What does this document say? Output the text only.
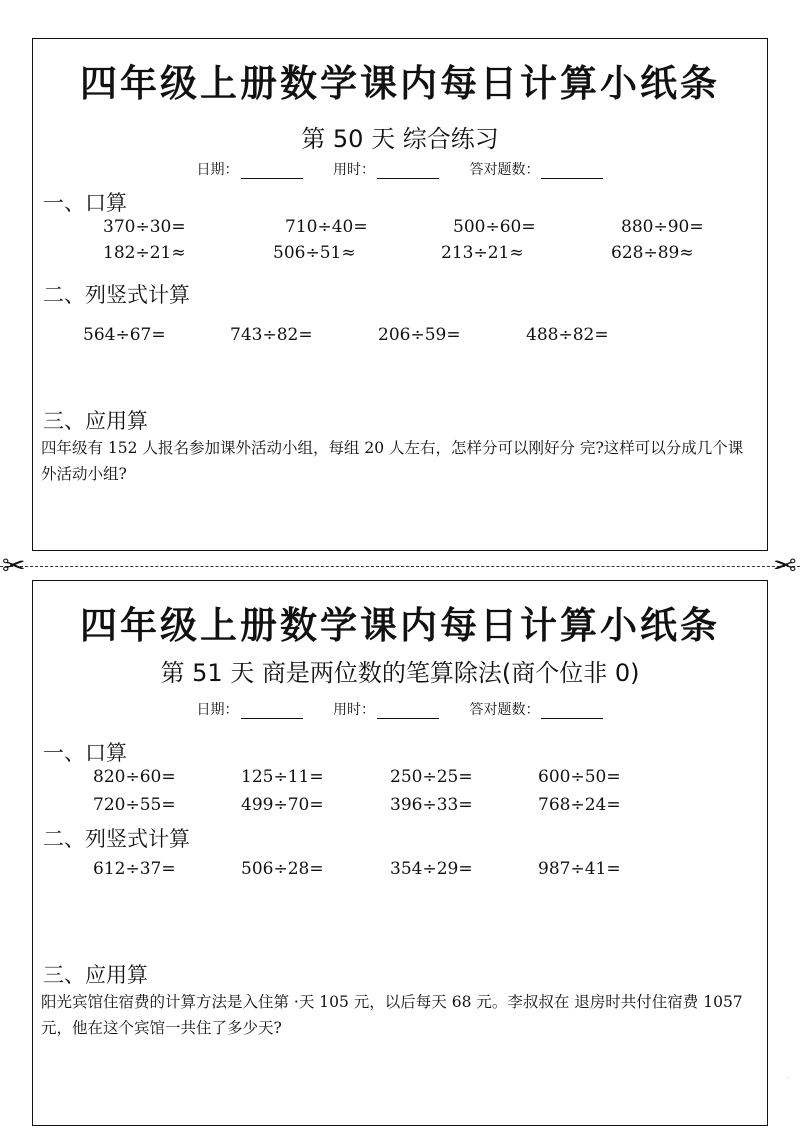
四年级上册数学课内每日计算小纸条
第 50 天 综合练习
日期：	用时：	答对题数：
一、口算
370÷30=	710÷40=	500÷60=	880÷90=
182÷21≈	506÷51≈	213÷21≈	628÷89≈
二、列竖式计算
564÷67=	743÷82=	206÷59=	488÷82=
三、应用算
四年级有 152 人报名参加课外活动小组，每组 20 人左右，怎样分可以刚好分 完?这样可以分成几个课外活动小组?
✂	✂
四年级上册数学课内每日计算小纸条
第 51 天 商是两位数的笔算除法(商个位非 0)
日期：	用时：	答对题数：
一、口算
820÷60=	125÷11=	250÷25=	600÷50=
720÷55=	499÷70=	396÷33=	768÷24=
二、列竖式计算
612÷37=	506÷28=	354÷29=	987÷41=
三、应用算
阳光宾馆住宿费的计算方法是入住第 ·天 105 元，以后每天 68 元。李叔叔在 退房时共付住宿费 1057 元，他在这个宾馆一共住了多少天?
·
